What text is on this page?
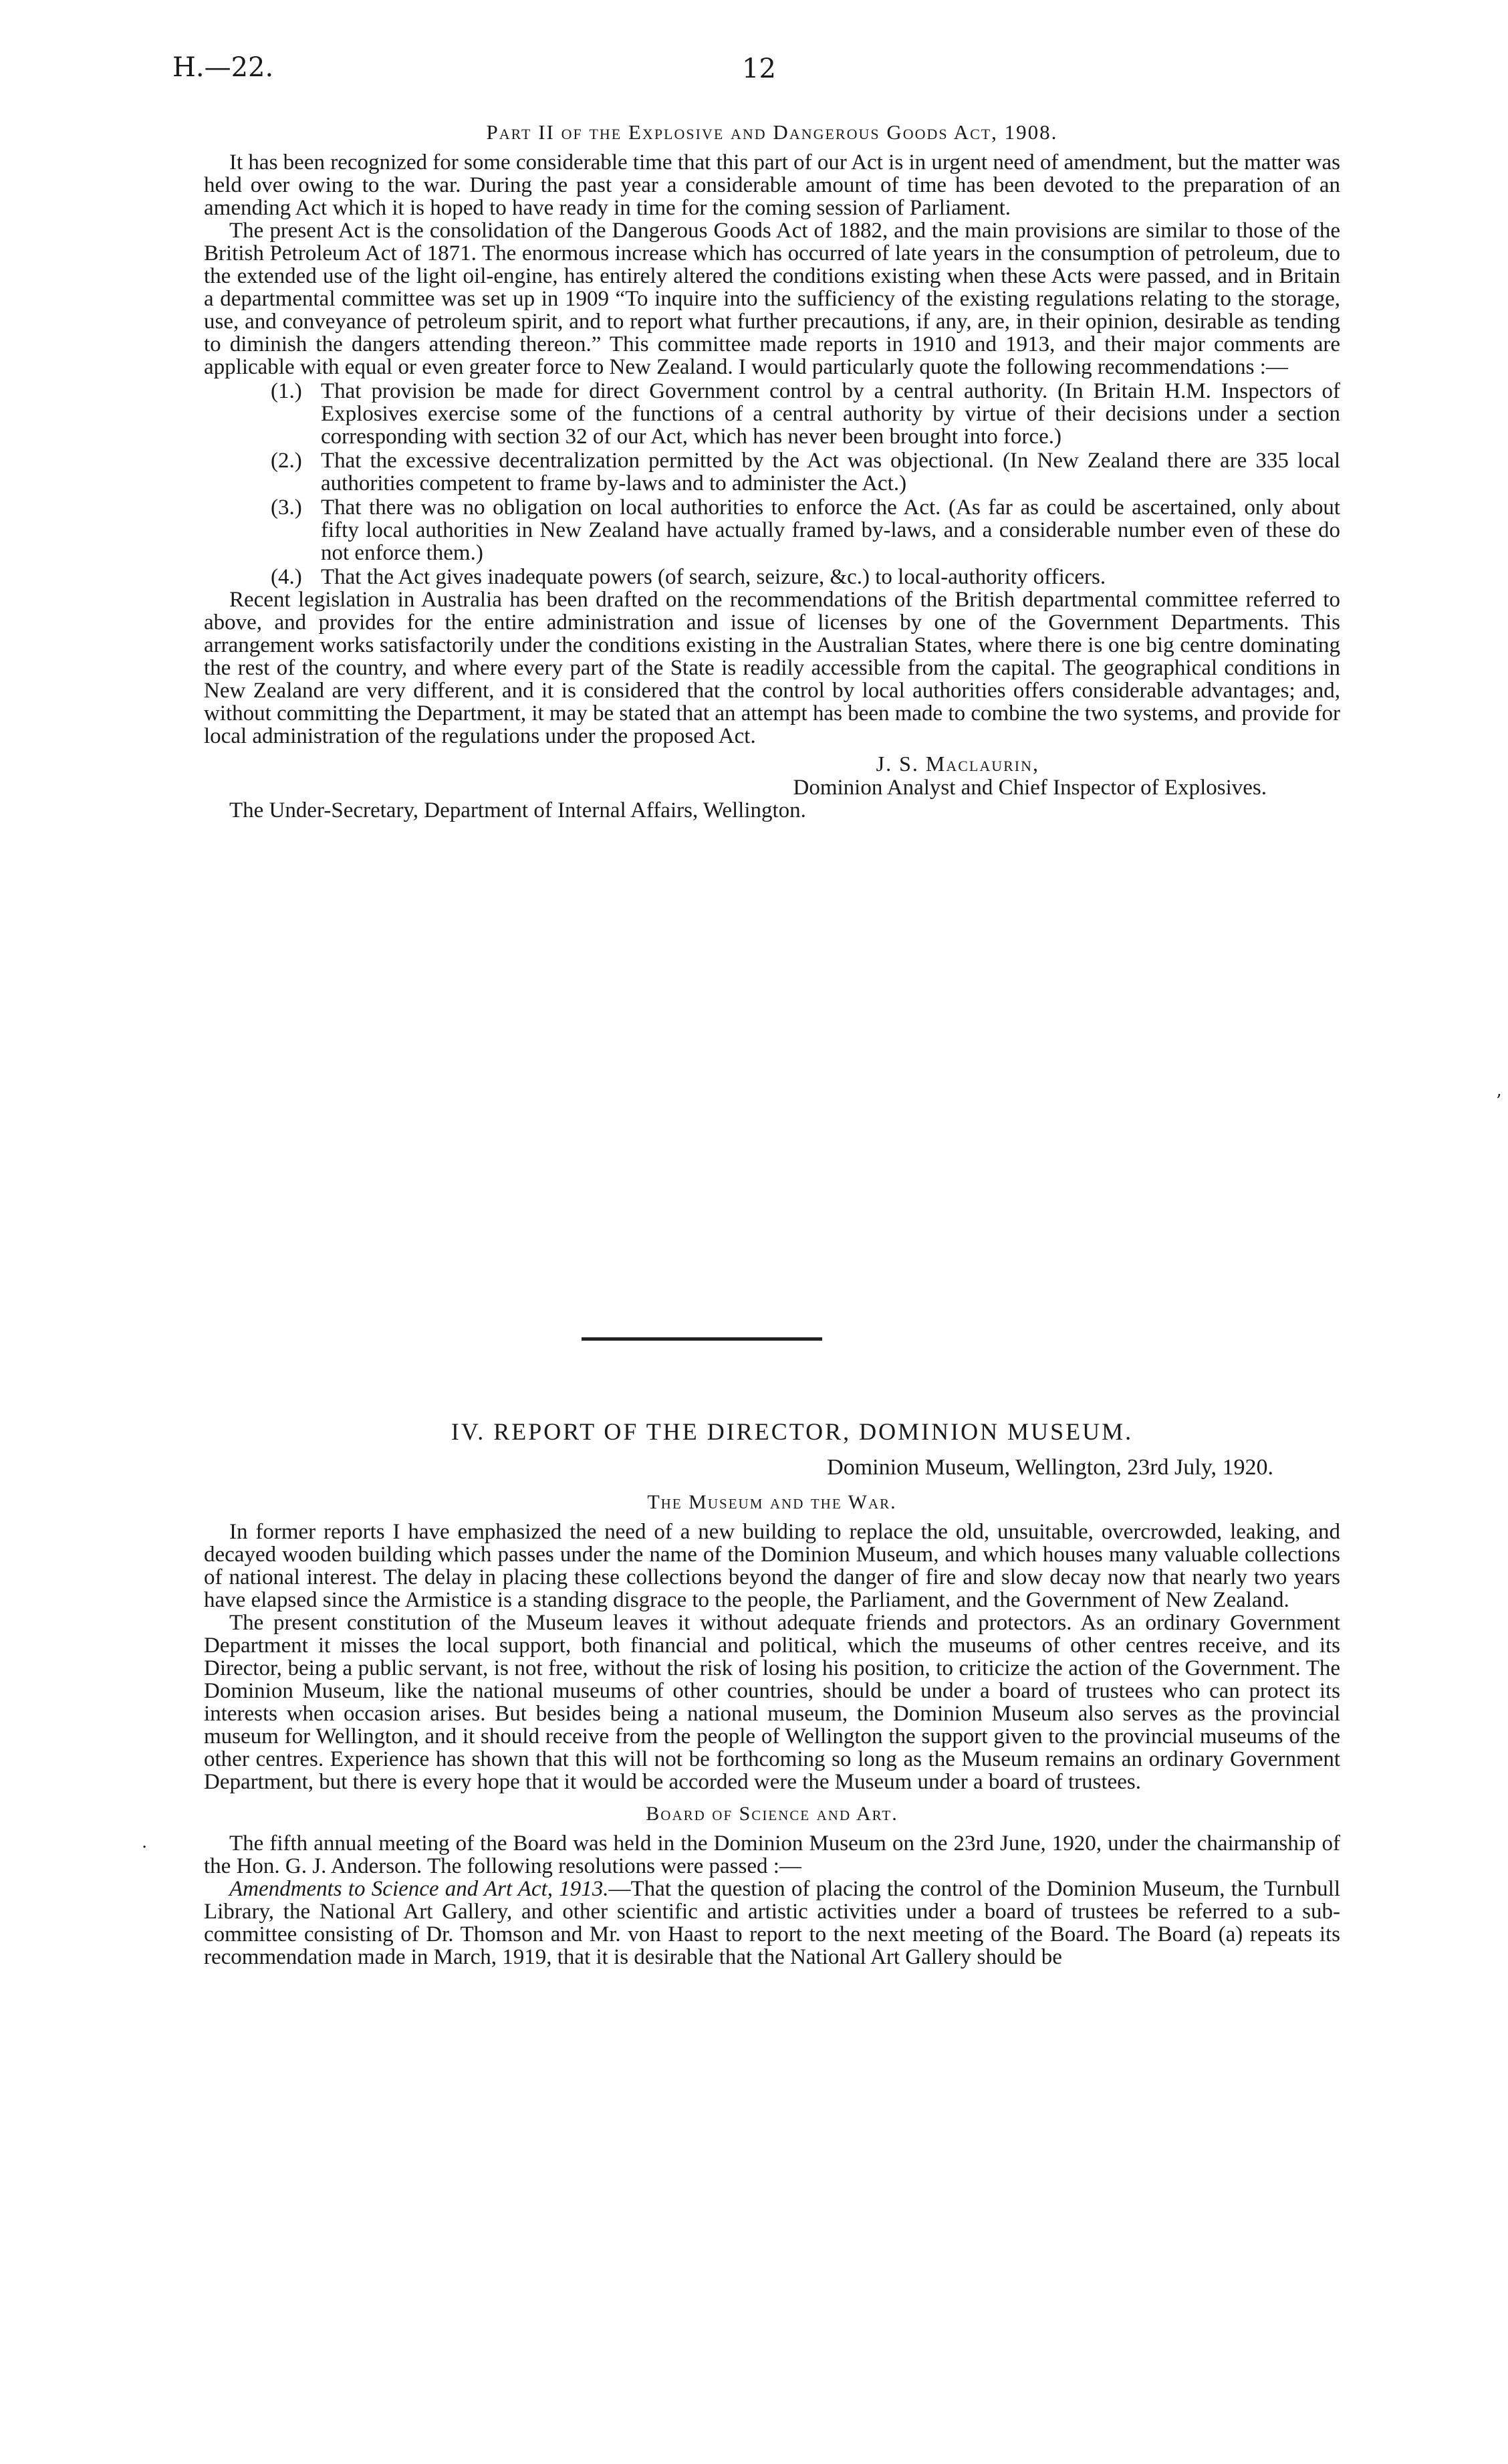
H.—22.	12
Part II of the Explosive and Dangerous Goods Act, 1908.

It has been recognized for some considerable time that this part of our Act is in urgent need of amendment, but the matter was held over owing to the war. During the past year a considerable amount of time has been devoted to the preparation of an amending Act which it is hoped to have ready in time for the coming session of Parliament.

The present Act is the consolidation of the Dangerous Goods Act of 1882, and the main provisions are similar to those of the British Petroleum Act of 1871. The enormous increase which has occurred of late years in the consumption of petroleum, due to the extended use of the light oil-engine, has entirely altered the conditions existing when these Acts were passed, and in Britain a departmental committee was set up in 1909 “To inquire into the sufficiency of the existing regulations relating to the storage, use, and conveyance of petroleum spirit, and to report what further precautions, if any, are, in their opinion, desirable as tending to diminish the dangers attending thereon.” This committee made reports in 1910 and 1913, and their major comments are applicable with equal or even greater force to New Zealand. I would particularly quote the following recommendations :—

(1.) That provision be made for direct Government control by a central authority. (In Britain H.M. Inspectors of Explosives exercise some of the functions of a central authority by virtue of their decisions under a section corresponding with section 32 of our Act, which has never been brought into force.)
(2.) That the excessive decentralization permitted by the Act was objectional. (In New Zealand there are 335 local authorities competent to frame by-laws and to administer the Act.)
(3.) That there was no obligation on local authorities to enforce the Act. (As far as could be ascertained, only about fifty local authorities in New Zealand have actually framed by-laws, and a considerable number even of these do not enforce them.)
(4.) That the Act gives inadequate powers (of search, seizure, &c.) to local-authority officers.

Recent legislation in Australia has been drafted on the recommendations of the British departmental committee referred to above, and provides for the entire administration and issue of licenses by one of the Government Departments. This arrangement works satisfactorily under the conditions existing in the Australian States, where there is one big centre dominating the rest of the country, and where every part of the State is readily accessible from the capital. The geographical conditions in New Zealand are very different, and it is considered that the control by local authorities offers considerable advantages; and, without committing the Department, it may be stated that an attempt has been made to combine the two systems, and provide for local administration of the regulations under the proposed Act.

J. S. Maclaurin,
Dominion Analyst and Chief Inspector of Explosives.
The Under-Secretary, Department of Internal Affairs, Wellington.
IV. REPORT OF THE DIRECTOR, DOMINION MUSEUM.
Dominion Museum, Wellington, 23rd July, 1920.
The Museum and the War.

In former reports I have emphasized the need of a new building to replace the old, unsuitable, overcrowded, leaking, and decayed wooden building which passes under the name of the Dominion Museum, and which houses many valuable collections of national interest. The delay in placing these collections beyond the danger of fire and slow decay now that nearly two years have elapsed since the Armistice is a standing disgrace to the people, the Parliament, and the Government of New Zealand.

The present constitution of the Museum leaves it without adequate friends and protectors. As an ordinary Government Department it misses the local support, both financial and political, which the museums of other centres receive, and its Director, being a public servant, is not free, without the risk of losing his position, to criticize the action of the Government. The Dominion Museum, like the national museums of other countries, should be under a board of trustees who can protect its interests when occasion arises. But besides being a national museum, the Dominion Museum also serves as the provincial museum for Wellington, and it should receive from the people of Wellington the support given to the provincial museums of the other centres. Experience has shown that this will not be forthcoming so long as the Museum remains an ordinary Government Department, but there is every hope that it would be accorded were the Museum under a board of trustees.

Board of Science and Art.

The fifth annual meeting of the Board was held in the Dominion Museum on the 23rd June, 1920, under the chairmanship of the Hon. G. J. Anderson. The following resolutions were passed :—

Amendments to Science and Art Act, 1913.—That the question of placing the control of the Dominion Museum, the Turnbull Library, the National Art Gallery, and other scientific and artistic activities under a board of trustees be referred to a sub-committee consisting of Dr. Thomson and Mr. von Haast to report to the next meeting of the Board. The Board (a) repeats its recommendation made in March, 1919, that it is desirable that the National Art Gallery should be

’
·
